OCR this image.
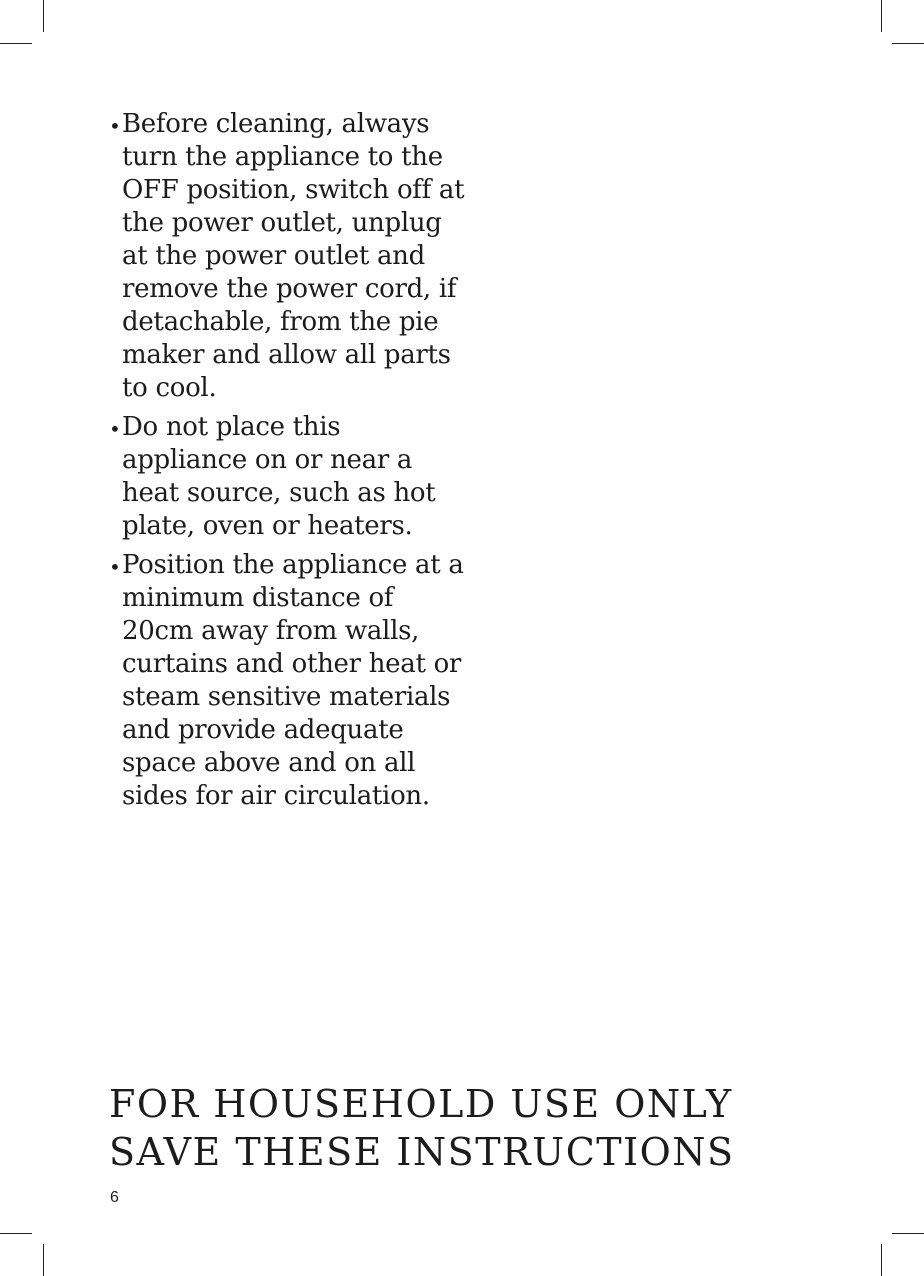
• Before cleaning, always turn the appliance to the OFF position, switch off at the power outlet, unplug at the power outlet and remove the power cord, if detachable, from the pie maker and allow all parts to cool.
• Do not place this appliance on or near a heat source, such as hot plate, oven or heaters.
• Position the appliance at a minimum distance of 20cm away from walls, curtains and other heat or steam sensitive materials and provide adequate space above and on all sides for air circulation.
FOR HOUSEHOLD USE ONLY
SAVE THESE INSTRUCTIONS
6
